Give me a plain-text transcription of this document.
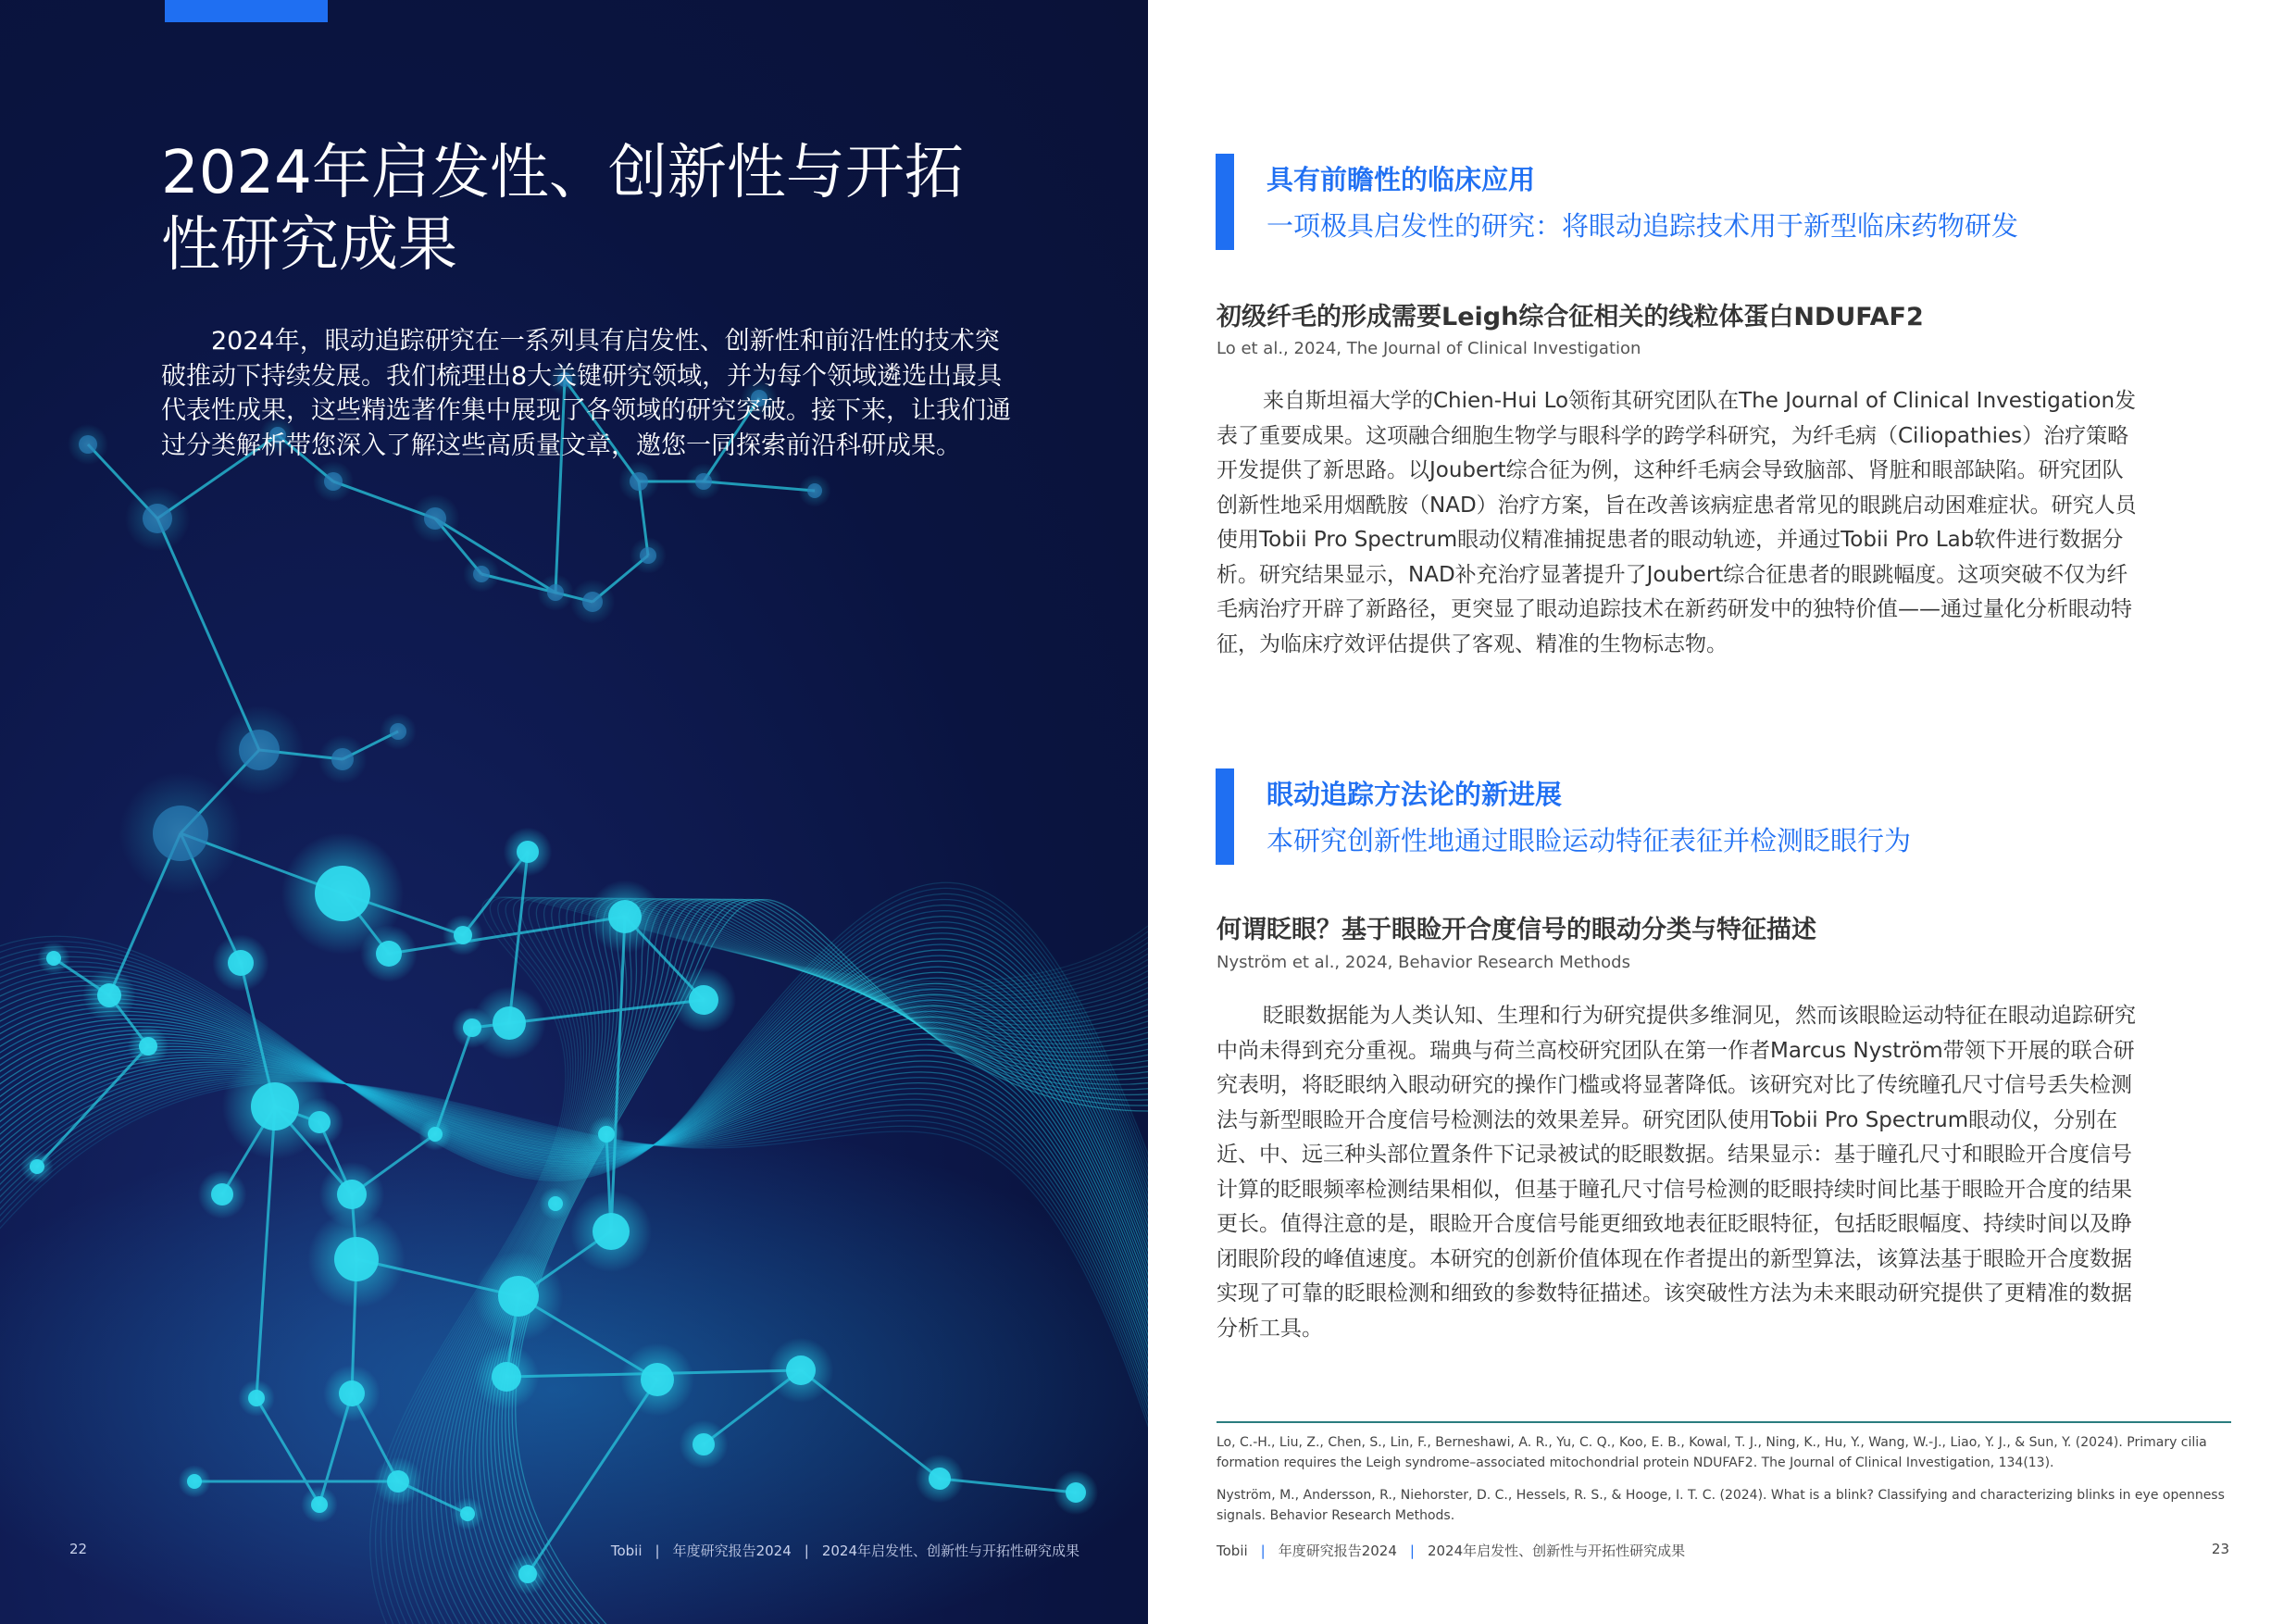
2024年启发性、创新性与开拓
性研究成果

2024年，眼动追踪研究在一系列具有启发性、创新性和前沿性的技术突破推动下持续发展。我们梳理出8大关键研究领域，并为每个领域遴选出最具代表性成果，这些精选著作集中展现了各领域的研究突破。接下来，让我们通过分类解析带您深入了解这些高质量文章，邀您一同探索前沿科研成果。

22	Tobii | 年度研究报告2024 | 2024年启发性、创新性与开拓性研究成果
具有前瞻性的临床应用
一项极具启发性的研究：将眼动追踪技术用于新型临床药物研发
初级纤毛的形成需要Leigh综合征相关的线粒体蛋白NDUFAF2
Lo et al., 2024, The Journal of Clinical Investigation

来自斯坦福大学的Chien-Hui Lo领衔其研究团队在The Journal of Clinical Investigation发表了重要成果。这项融合细胞生物学与眼科学的跨学科研究，为纤毛病（Ciliopathies）治疗策略开发提供了新思路。以Joubert综合征为例，这种纤毛病会导致脑部、肾脏和眼部缺陷。研究团队创新性地采用烟酰胺（NAD）治疗方案，旨在改善该病症患者常见的眼跳启动困难症状。研究人员使用Tobii Pro Spectrum眼动仪精准捕捉患者的眼动轨迹，并通过Tobii Pro Lab软件进行数据分析。研究结果显示，NAD补充治疗显著提升了Joubert综合征患者的眼跳幅度。这项突破不仅为纤毛病治疗开辟了新路径，更突显了眼动追踪技术在新药研发中的独特价值——通过量化分析眼动特征，为临床疗效评估提供了客观、精准的生物标志物。

眼动追踪方法论的新进展
本研究创新性地通过眼睑运动特征表征并检测眨眼行为
何谓眨眼？基于眼睑开合度信号的眼动分类与特征描述
Nyström et al., 2024, Behavior Research Methods

眨眼数据能为人类认知、生理和行为研究提供多维洞见，然而该眼睑运动特征在眼动追踪研究中尚未得到充分重视。瑞典与荷兰高校研究团队在第一作者Marcus Nyström带领下开展的联合研究表明，将眨眼纳入眼动研究的操作门槛或将显著降低。该研究对比了传统瞳孔尺寸信号丢失检测法与新型眼睑开合度信号检测法的效果差异。研究团队使用Tobii Pro Spectrum眼动仪，分别在近、中、远三种头部位置条件下记录被试的眨眼数据。结果显示：基于瞳孔尺寸和眼睑开合度信号计算的眨眼频率检测结果相似，但基于瞳孔尺寸信号检测的眨眼持续时间比基于眼睑开合度的结果更长。值得注意的是，眼睑开合度信号能更细致地表征眨眼特征，包括眨眼幅度、持续时间以及睁闭眼阶段的峰值速度。本研究的创新价值体现在作者提出的新型算法，该算法基于眼睑开合度数据实现了可靠的眨眼检测和细致的参数特征描述。该突破性方法为未来眼动研究提供了更精准的数据分析工具。

Lo, C.-H., Liu, Z., Chen, S., Lin, F., Berneshawi, A. R., Yu, C. Q., Koo, E. B., Kowal, T. J., Ning, K., Hu, Y., Wang, W.-J., Liao, Y. J., & Sun, Y. (2024). Primary cilia formation requires the Leigh syndrome–associated mitochondrial protein NDUFAF2. The Journal of Clinical Investigation, 134(13).

Nyström, M., Andersson, R., Niehorster, D. C., Hessels, R. S., & Hooge, I. T. C. (2024). What is a blink? Classifying and characterizing blinks in eye openness signals. Behavior Research Methods.

Tobii | 年度研究报告2024 | 2024年启发性、创新性与开拓性研究成果	23
